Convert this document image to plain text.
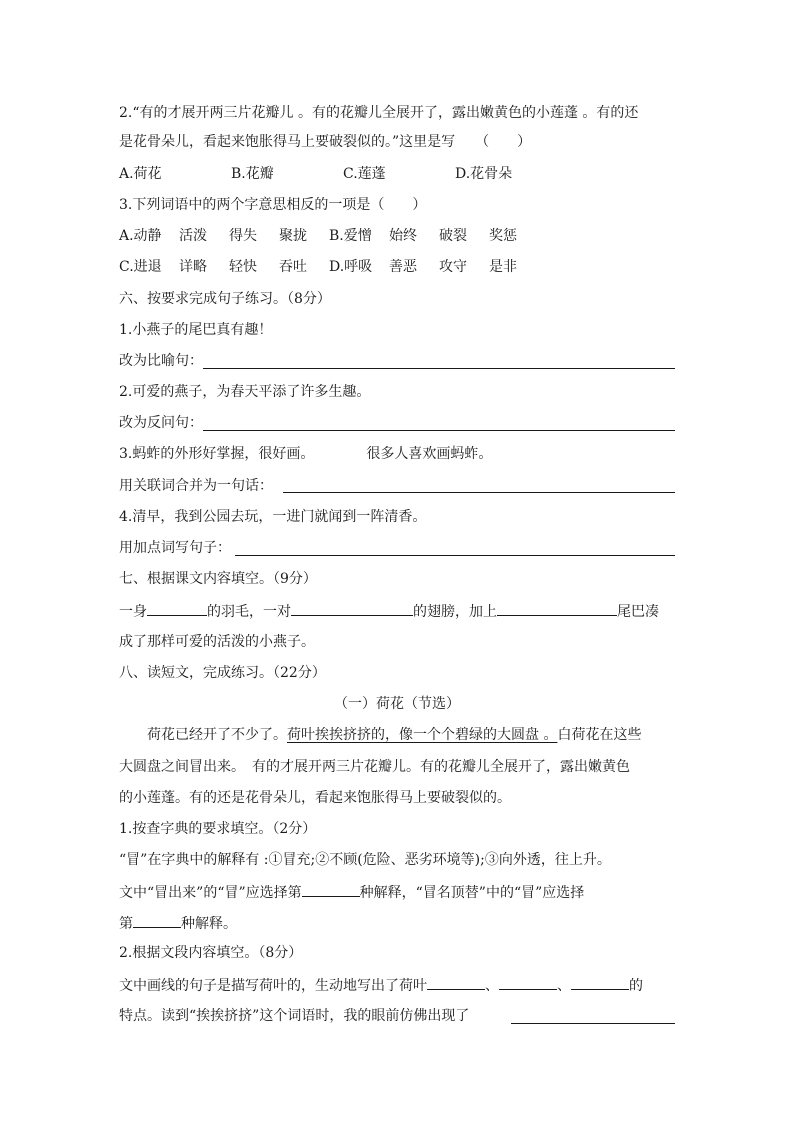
2.“有的才展开两三片花瓣儿 。有的花瓣儿全展开了，露出嫩黄色的小莲蓬 。有的还
是花骨朵儿，看起来饱胀得马上要破裂似的。”这里是写 （　　）
A.荷花	B.花瓣	C.莲蓬	D.花骨朵
3.下列词语中的两个字意思相反的一项是（　　）
A.动静 活泼 得失 聚拢 B.爱憎 始终 破裂 奖惩
C.进退 详略 轻快 吞吐 D.呼吸 善恶 攻守 是非
六、按要求完成句子练习。（8分）
1.小燕子的尾巴真有趣！
改为比喻句：
2.可爱的燕子，为春天平添了许多生趣。
改为反问句：
3.蚂蚱的外形好掌握，很好画。	很多人喜欢画蚂蚱。
用关联词合并为一句话：
4.清早，我到公园去玩，一进门就闻到一阵清香。
用加点词写句子：
七、根据课文内容填空。（9分）
一身	的羽毛，一对	的翅膀，加上	尾巴凑
成了那样可爱的活泼的小燕子。
八、读短文，完成练习。（22分）
（一）荷花（节选）
荷花已经开了不少了。荷叶挨挨挤挤的，像一个个碧绿的大圆盘 。白荷花在这些
大圆盘之间冒出来。　有的才展开两三片花瓣儿。有的花瓣儿全展开了，露出嫩黄色
的小莲蓬。有的还是花骨朵儿，看起来饱胀得马上要破裂似的。
1.按查字典的要求填空。（2分）
“冒”在字典中的解释有 :①冒充;②不顾(危险、恶劣环境等);③向外透，往上升。
文中“冒出来”的“冒”应选择第	种解释，“冒名顶替”中的“冒”应选择
第	种解释。
2.根据文段内容填空。（8分）
文中画线的句子是描写荷叶的，生动地写出了荷叶	、	、	的
特点。读到“挨挨挤挤”这个词语时，我的眼前仿佛出现了
